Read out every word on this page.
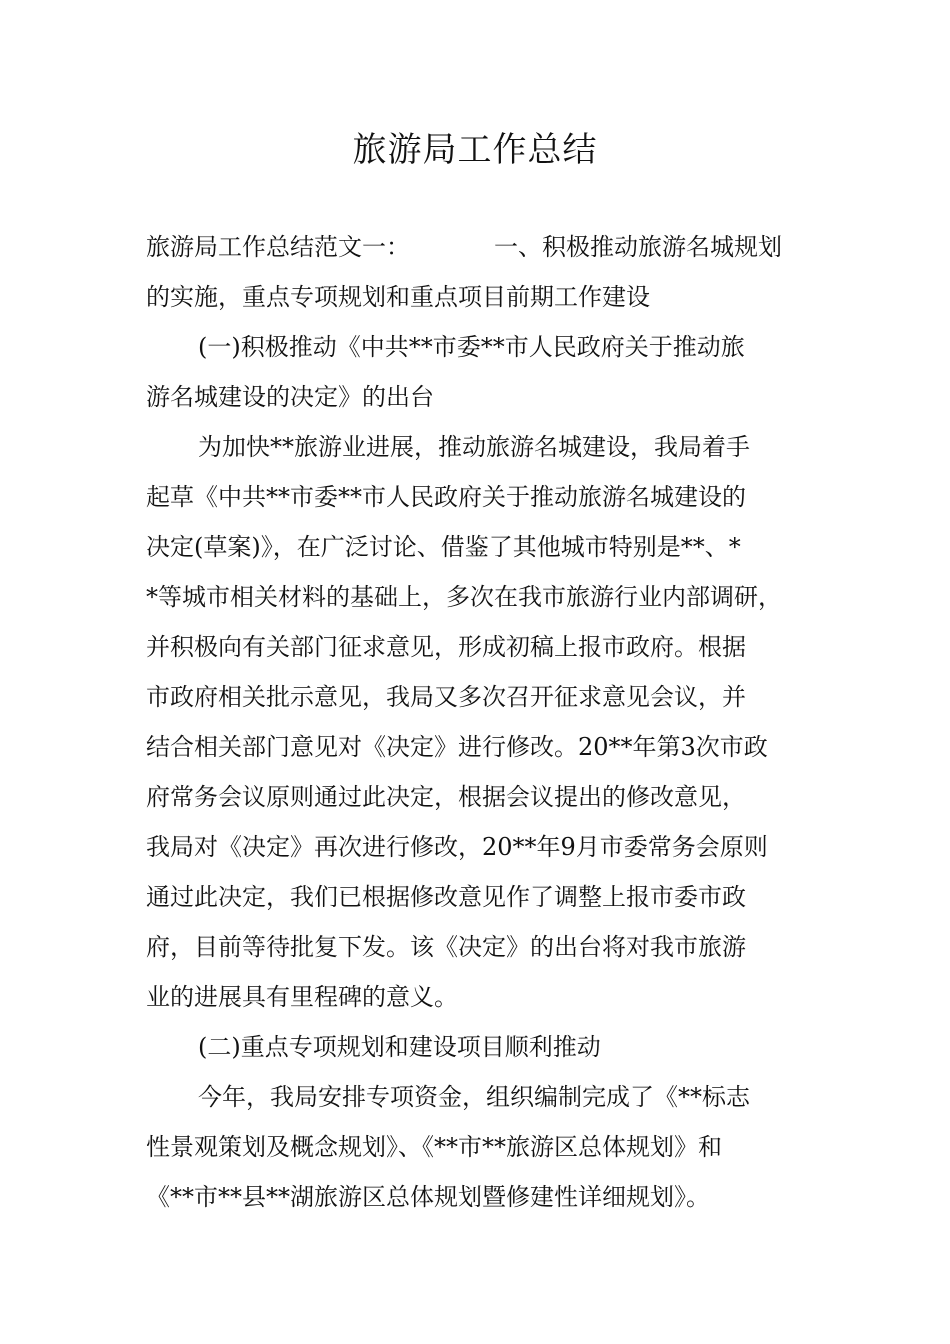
旅游局工作总结
旅游局工作总结范文一：	一、积极推动旅游名城规划
的实施，重点专项规划和重点项目前期工作建设
(一)积极推动《中共**市委**市人民政府关于推动旅
游名城建设的决定》的出台
为加快**旅游业进展，推动旅游名城建设，我局着手
起草《中共**市委**市人民政府关于推动旅游名城建设的
决定(草案)》，在广泛讨论、借鉴了其他城市特别是**、*
*等城市相关材料的基础上，多次在我市旅游行业内部调研，
并积极向有关部门征求意见，形成初稿上报市政府。根据
市政府相关批示意见，我局又多次召开征求意见会议，并
结合相关部门意见对《决定》进行修改。20**年第3次市政
府常务会议原则通过此决定，根据会议提出的修改意见，
我局对《决定》再次进行修改，20**年9月市委常务会原则
通过此决定，我们已根据修改意见作了调整上报市委市政
府，目前等待批复下发。该《决定》的出台将对我市旅游
业的进展具有里程碑的意义。
(二)重点专项规划和建设项目顺利推动
今年，我局安排专项资金，组织编制完成了《**标志
性景观策划及概念规划》、《**市**旅游区总体规划》和
《**市**县**湖旅游区总体规划暨修建性详细规划》。
